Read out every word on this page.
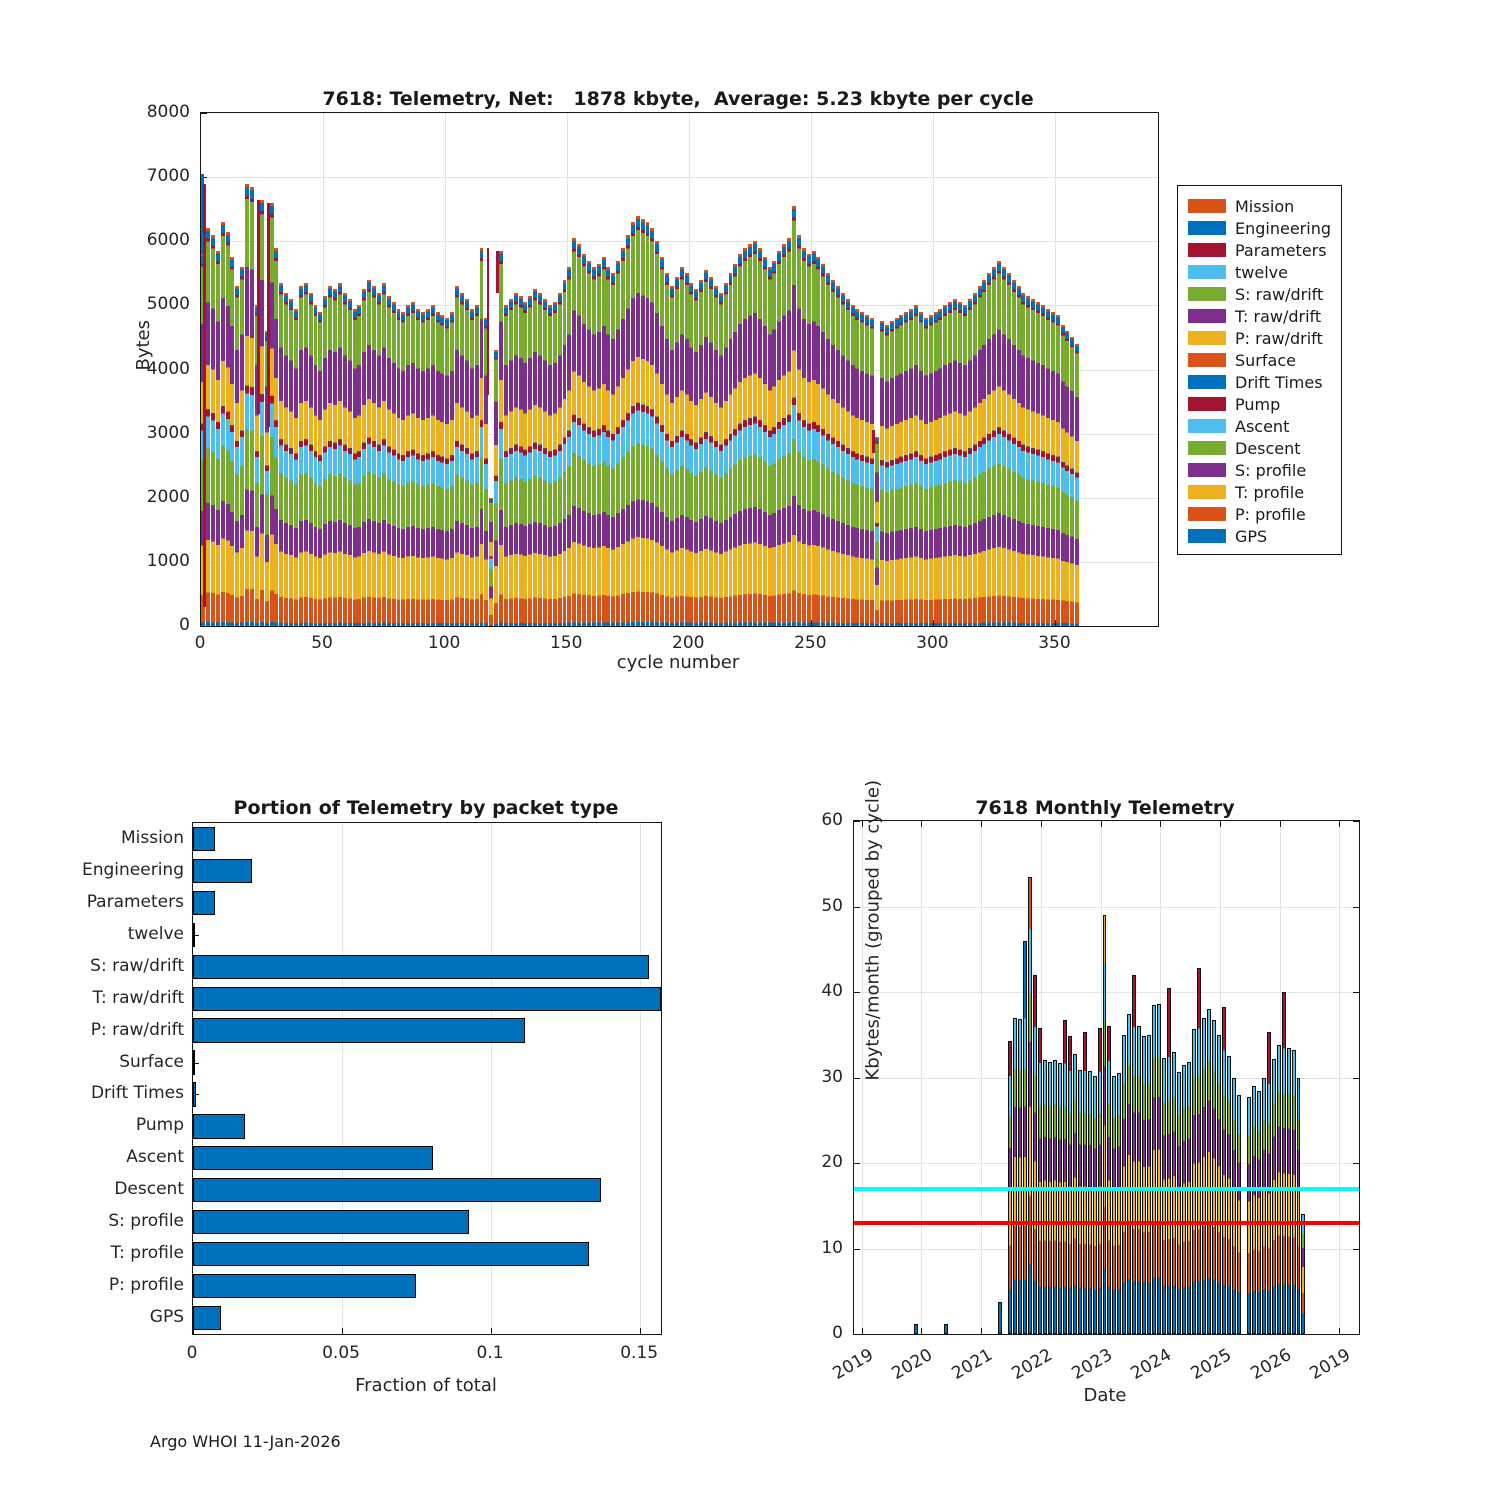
7618: Telemetry, Net:   1878 kbyte,  Average: 5.23 kbyte per cycle
Bytes
cycle number
0
1000
2000
3000
4000
5000
6000
7000
8000
0	50	100	150	200	250	300	350
Mission
Engineering
Parameters
twelve
S: raw/drift
T: raw/drift
P: raw/drift
Surface
Drift Times
Pump
Ascent
Descent
S: profile
T: profile
P: profile
GPS
Portion of Telemetry by packet type
Fraction of total
Mission
Engineering
Parameters
twelve
S: raw/drift
T: raw/drift
P: raw/drift
Surface
Drift Times
Pump
Ascent
Descent
S: profile
T: profile
P: profile
GPS
0	0.05	0.1	0.15
7618 Monthly Telemetry
Kbytes/month (grouped by cycle)
Date
0
10
20
30
40
50
60
2019 2020 2021 2022 2023 2024 2025 2026 2019
Argo WHOI 11-Jan-2026
